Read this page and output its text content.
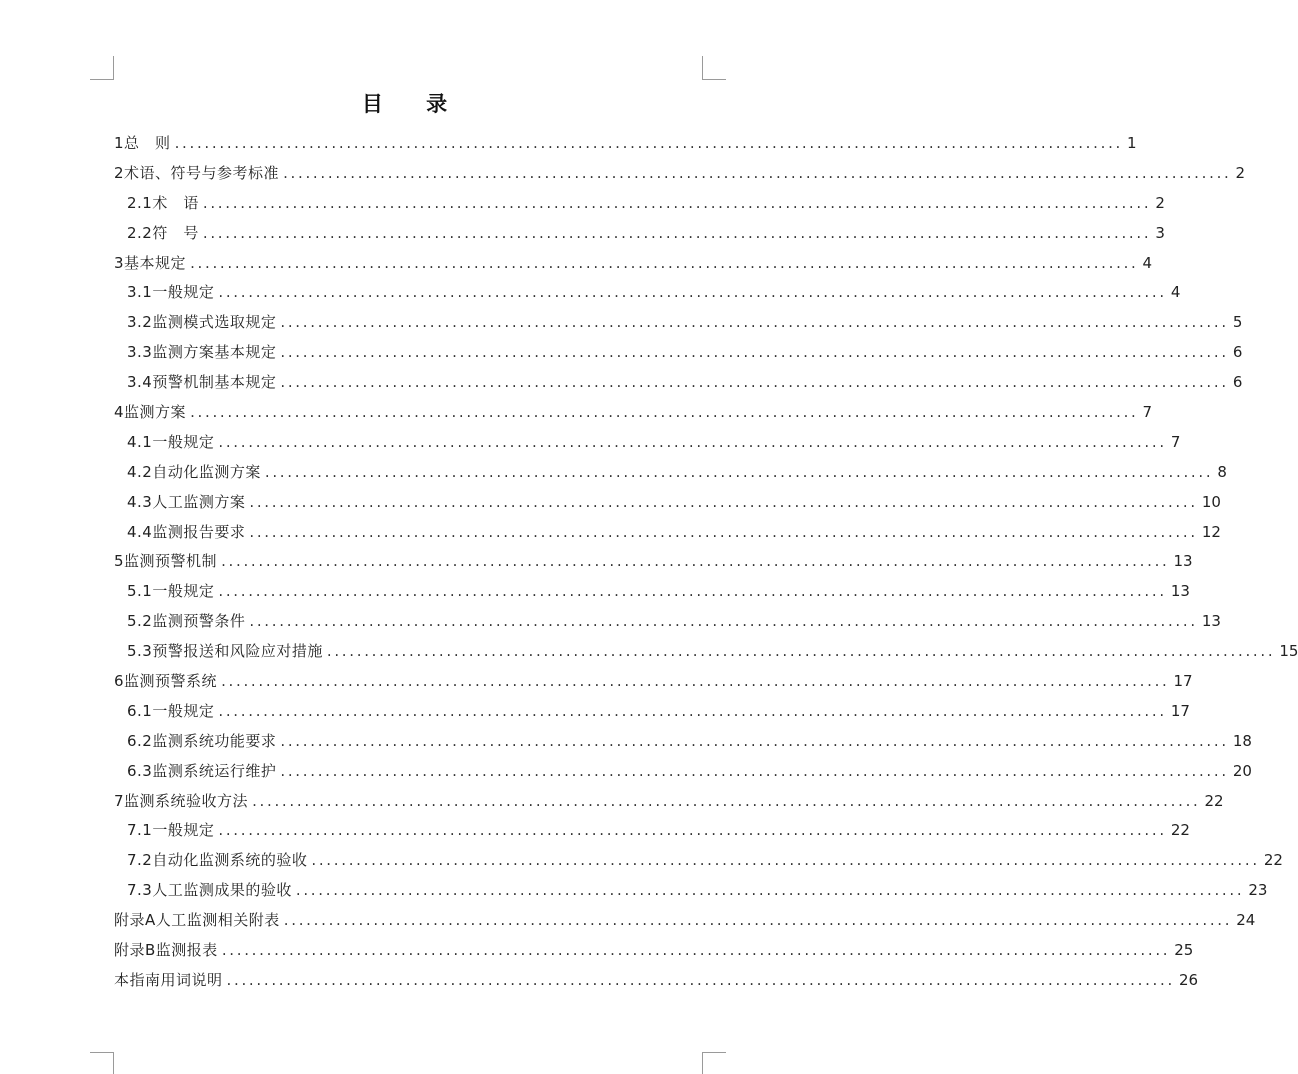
目 录
1 总　则 ............................................................................................................................... 1
2 术语、符号与参考标准 ............................................................................................................................... 2
2.1 术　语 ............................................................................................................................... 2
2.2 符　号 ............................................................................................................................... 3
3 基本规定 ............................................................................................................................... 4
3.1 一般规定 ............................................................................................................................... 4
3.2 监测模式选取规定 ............................................................................................................................... 5
3.3 监测方案基本规定 ............................................................................................................................... 6
3.4 预警机制基本规定 ............................................................................................................................... 6
4 监测方案 ............................................................................................................................... 7
4.1 一般规定 ............................................................................................................................... 7
4.2 自动化监测方案 ............................................................................................................................... 8
4.3 人工监测方案 ............................................................................................................................... 10
4.4 监测报告要求 ............................................................................................................................... 12
5 监测预警机制 ............................................................................................................................... 13
5.1 一般规定 ............................................................................................................................... 13
5.2 监测预警条件 ............................................................................................................................... 13
5.3 预警报送和风险应对措施 ............................................................................................................................... 15
6 监测预警系统 ............................................................................................................................... 17
6.1 一般规定 ............................................................................................................................... 17
6.2 监测系统功能要求 ............................................................................................................................... 18
6.3 监测系统运行维护 ............................................................................................................................... 20
7 监测系统验收方法 ............................................................................................................................... 22
7.1 一般规定 ............................................................................................................................... 22
7.2 自动化监测系统的验收 ............................................................................................................................... 22
7.3 人工监测成果的验收 ............................................................................................................................... 23
附录A 人工监测相关附表 ............................................................................................................................... 24
附录B 监测报表 ............................................................................................................................... 25
本指南用词说明 ............................................................................................................................... 26
